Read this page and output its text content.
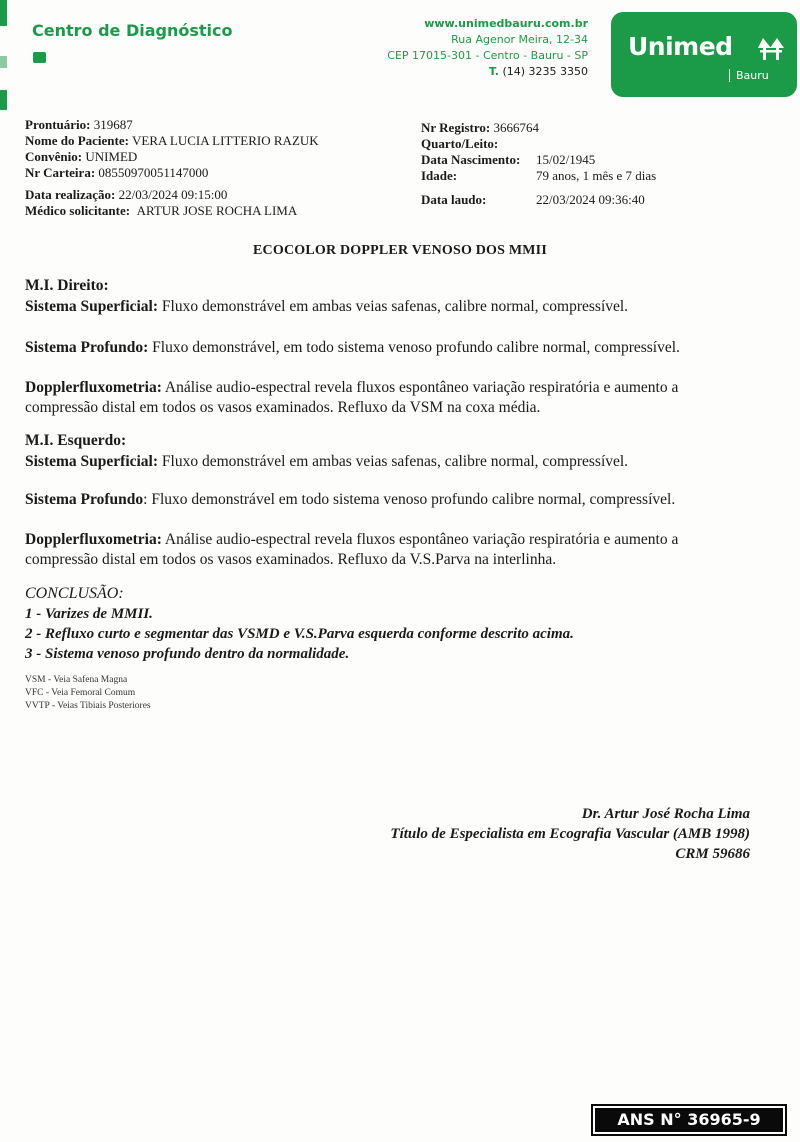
Centro de Diagnóstico	www.unimedbauru.com.br
Rua Agenor Meira, 12-34
CEP 17015-301 - Centro - Bauru - SP
T. (14) 3235 3350
Unimed
Bauru
Prontuário: 319687
Nome do Paciente: VERA LUCIA LITTERIO RAZUK
Convênio: UNIMED
Nr Carteira: 08550970051147000
Data realização: 22/03/2024 09:15:00
Médico solicitante: ARTUR JOSE ROCHA LIMA
Nr Registro: 3666764
Quarto/Leito:
Data Nascimento: 15/02/1945
Idade:	79 anos, 1 mês e 7 dias
Data laudo:	22/03/2024 09:36:40
ECOCOLOR DOPPLER VENOSO DOS MMII
M.I. Direito:
Sistema Superficial: Fluxo demonstrável em ambas veias safenas, calibre normal, compressível.
Sistema Profundo: Fluxo demonstrável, em todo sistema venoso profundo calibre normal, compressível.
Dopplerfluxometria: Análise audio-espectral revela fluxos espontâneo variação respiratória e aumento a compressão distal em todos os vasos examinados. Refluxo da VSM na coxa média.
M.I. Esquerdo:
Sistema Superficial: Fluxo demonstrável em ambas veias safenas, calibre normal, compressível.
Sistema Profundo: Fluxo demonstrável em todo sistema venoso profundo calibre normal, compressível.
Dopplerfluxometria: Análise audio-espectral revela fluxos espontâneo variação respiratória e aumento a compressão distal em todos os vasos examinados. Refluxo da V.S.Parva na interlinha.
CONCLUSÃO:
1 - Varizes de MMII.
2 - Refluxo curto e segmentar das VSMD e V.S.Parva esquerda conforme descrito acima.
3 - Sistema venoso profundo dentro da normalidade.
VSM - Veia Safena Magna
VFC - Veia Femoral Comum
VVTP - Veias Tibiais Posteriores
Dr. Artur José Rocha Lima
Título de Especialista em Ecografia Vascular (AMB 1998)
CRM 59686
ANS N° 36965-9
